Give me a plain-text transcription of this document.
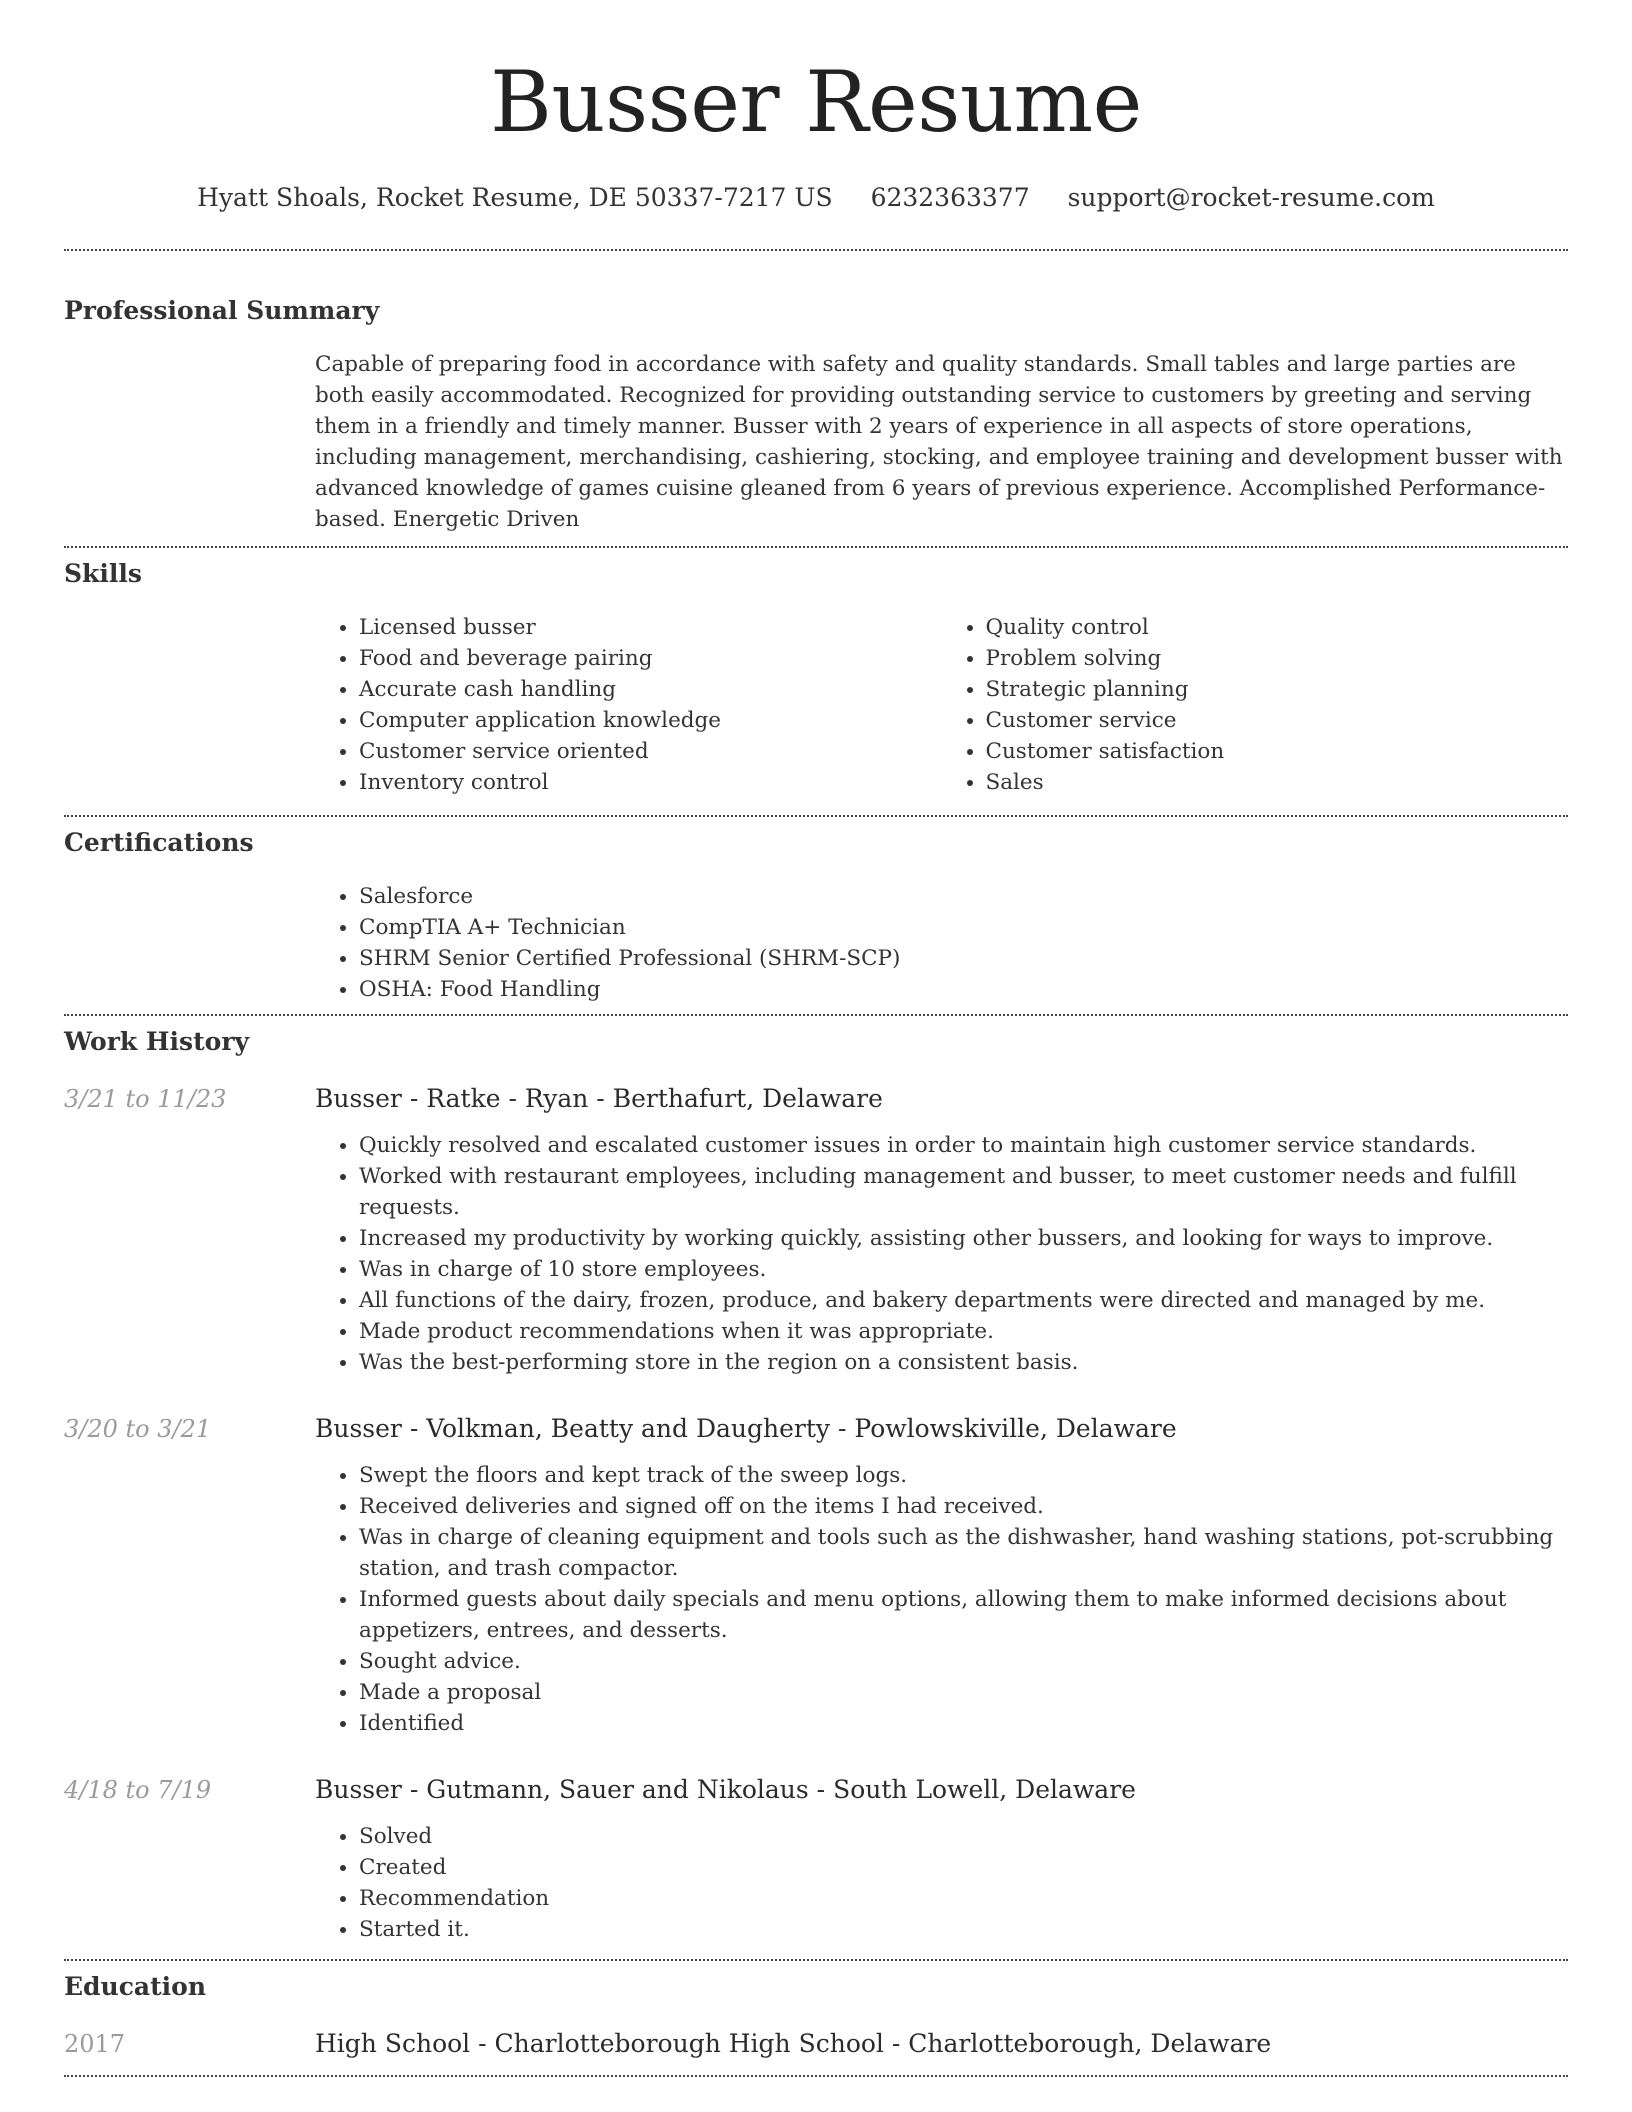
Busser Resume
Hyatt Shoals, Rocket Resume, DE 50337-7217 US 6232363377 support@rocket-resume.com
Professional Summary
Capable of preparing food in accordance with safety and quality standards. Small tables and large parties are both easily accommodated. Recognized for providing outstanding service to customers by greeting and serving them in a friendly and timely manner. Busser with 2 years of experience in all aspects of store operations, including management, merchandising, cashiering, stocking, and employee training and development busser with advanced knowledge of games cuisine gleaned from 6 years of previous experience. Accomplished Performance-based. Energetic Driven
Skills
• Licensed busser
• Food and beverage pairing
• Accurate cash handling
• Computer application knowledge
• Customer service oriented
• Inventory control
• Quality control
• Problem solving
• Strategic planning
• Customer service
• Customer satisfaction
• Sales
Certifications
• Salesforce
• CompTIA A+ Technician
• SHRM Senior Certified Professional (SHRM-SCP)
• OSHA: Food Handling
Work History
3/21 to 11/23	Busser - Ratke - Ryan - Berthafurt, Delaware
• Quickly resolved and escalated customer issues in order to maintain high customer service standards.
• Worked with restaurant employees, including management and busser, to meet customer needs and fulfill requests.
• Increased my productivity by working quickly, assisting other bussers, and looking for ways to improve.
• Was in charge of 10 store employees.
• All functions of the dairy, frozen, produce, and bakery departments were directed and managed by me.
• Made product recommendations when it was appropriate.
• Was the best-performing store in the region on a consistent basis.
3/20 to 3/21	Busser - Volkman, Beatty and Daugherty - Powlowskiville, Delaware
• Swept the floors and kept track of the sweep logs.
• Received deliveries and signed off on the items I had received.
• Was in charge of cleaning equipment and tools such as the dishwasher, hand washing stations, pot-scrubbing station, and trash compactor.
• Informed guests about daily specials and menu options, allowing them to make informed decisions about appetizers, entrees, and desserts.
• Sought advice.
• Made a proposal
• Identified
4/18 to 7/19	Busser - Gutmann, Sauer and Nikolaus - South Lowell, Delaware
• Solved
• Created
• Recommendation
• Started it.
Education
2017	High School - Charlotteborough High School - Charlotteborough, Delaware
